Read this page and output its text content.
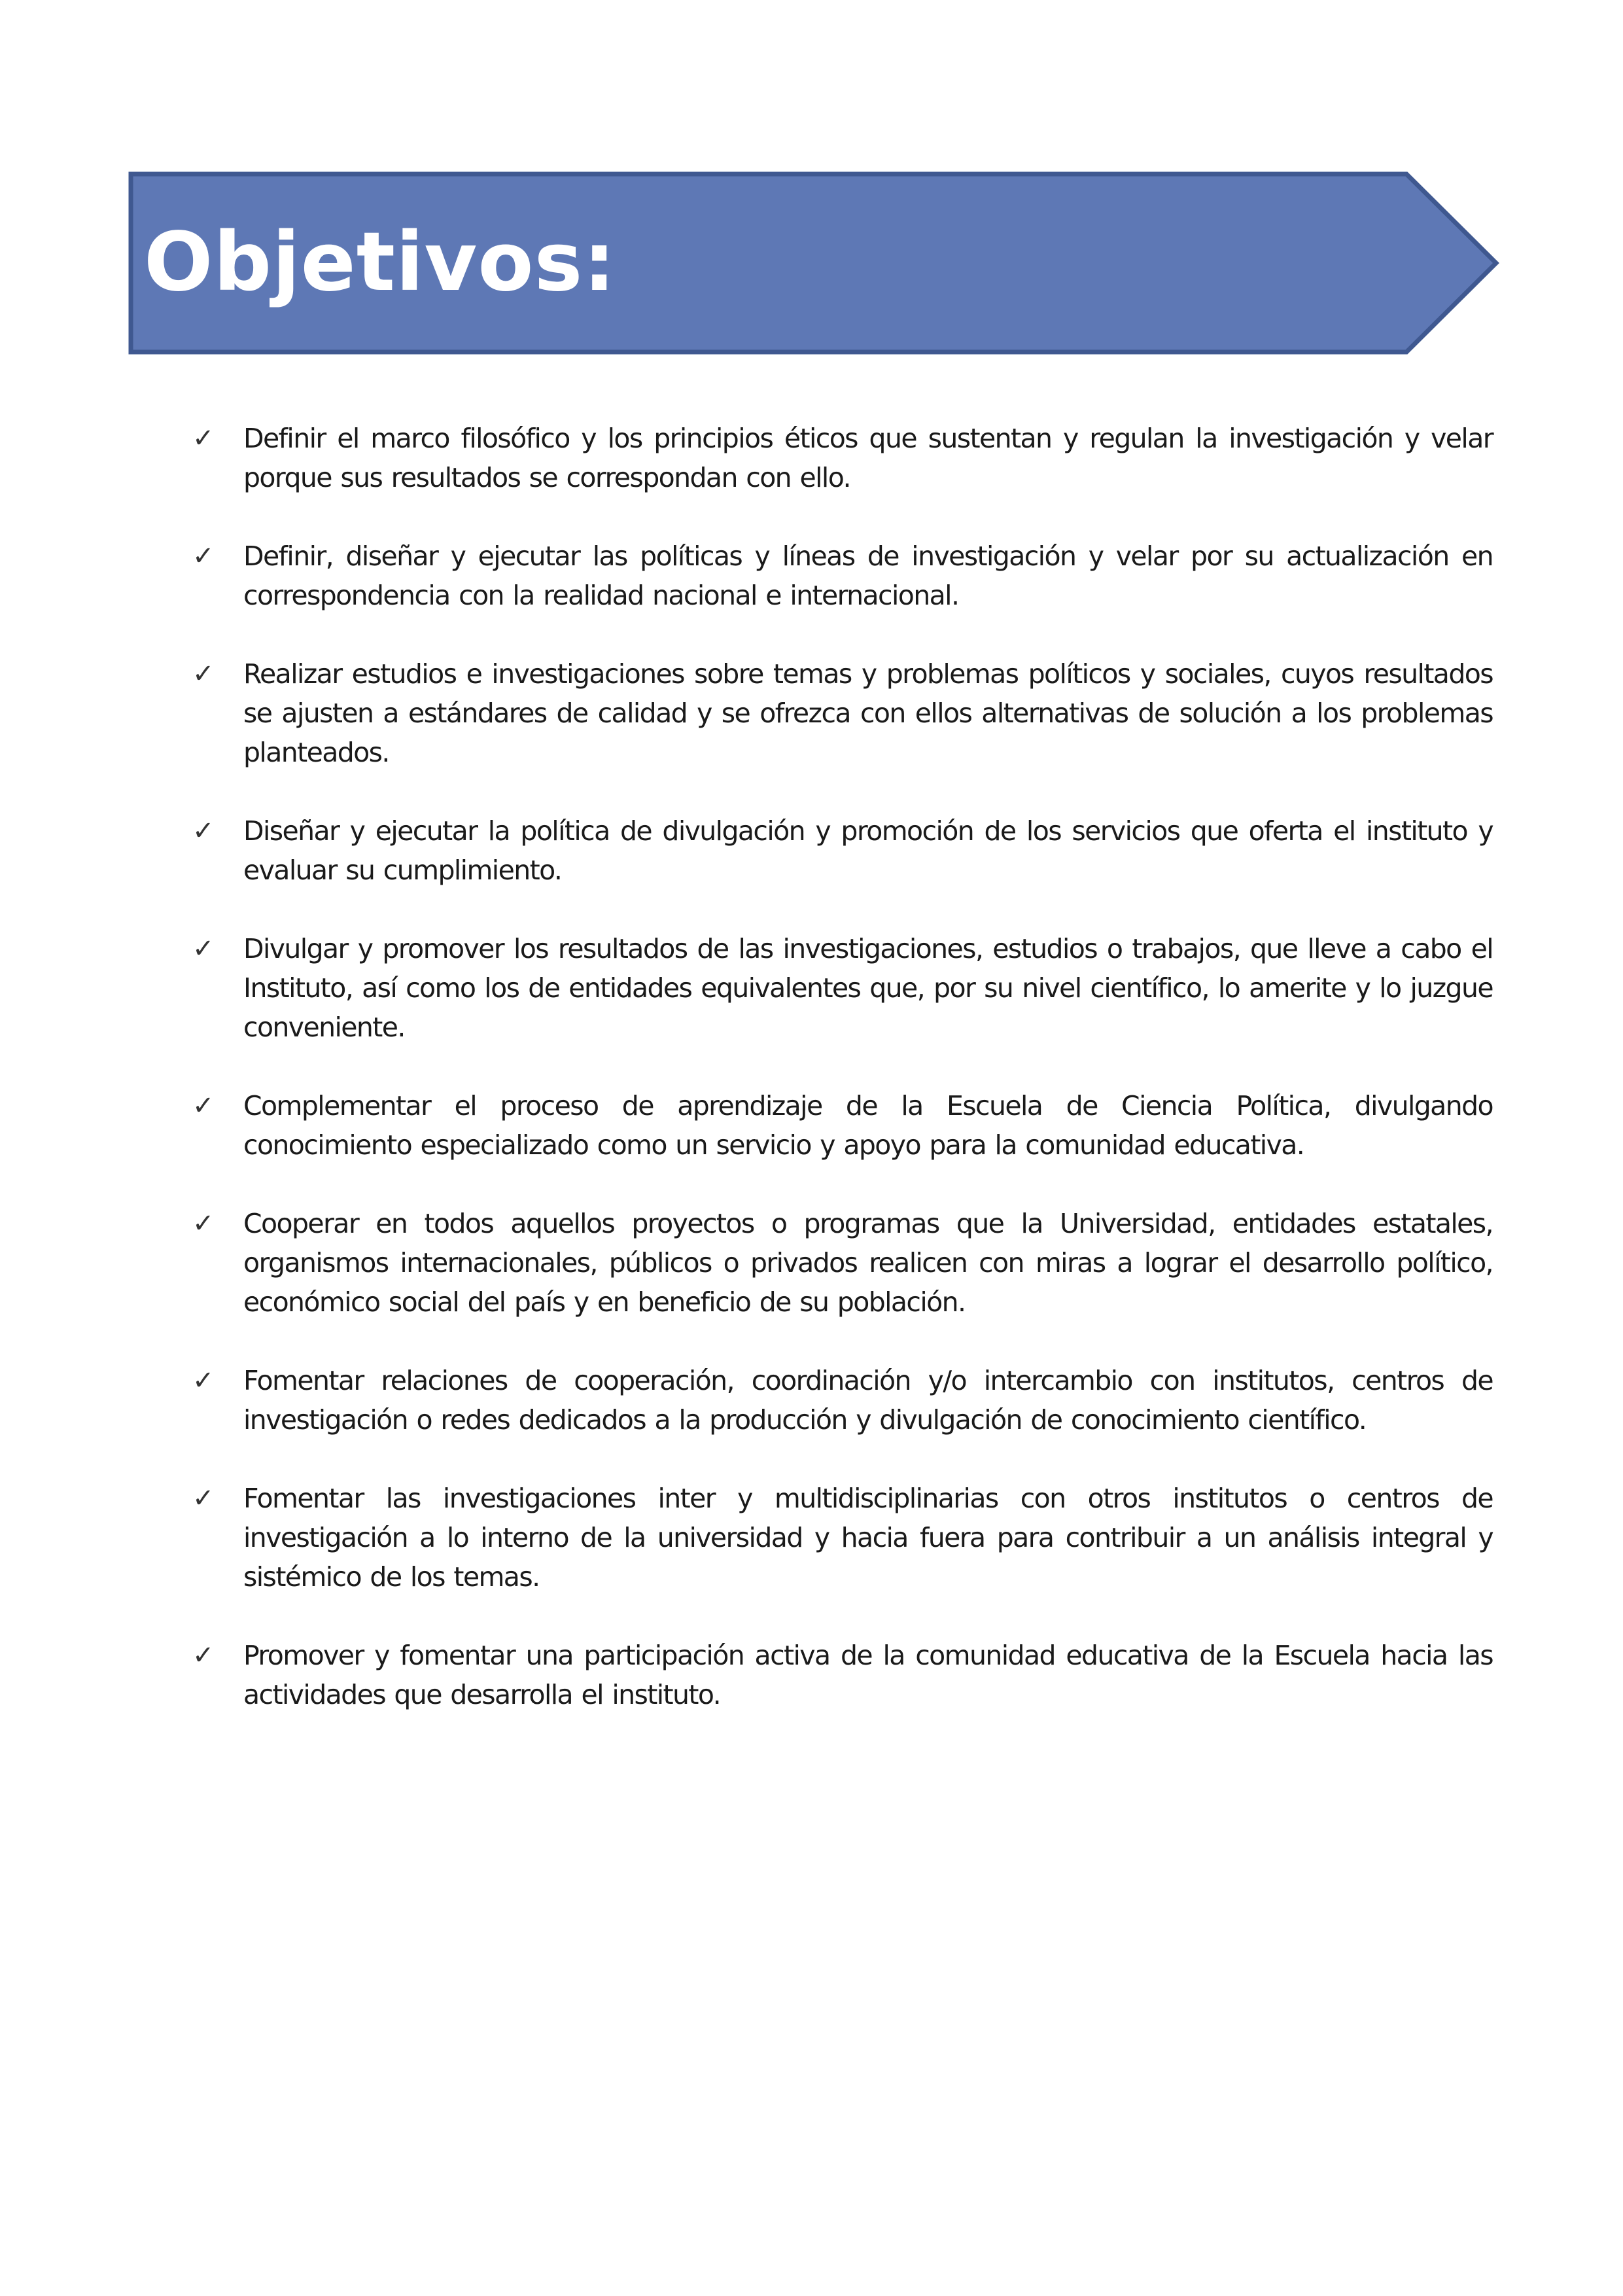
Objetivos:
✓ Definir el marco filosófico y los principios éticos que sustentan y regulan la investigación y velar porque sus resultados se correspondan con ello.
✓ Definir, diseñar y ejecutar las políticas y líneas de investigación y velar por su actualización en correspondencia con la realidad nacional e internacional.
✓ Realizar estudios e investigaciones sobre temas y problemas políticos y sociales, cuyos resultados se ajusten a estándares de calidad y se ofrezca con ellos alternativas de solución a los problemas planteados.
✓ Diseñar y ejecutar la política de divulgación y promoción de los servicios que oferta el instituto y evaluar su cumplimiento.
✓ Divulgar y promover los resultados de las investigaciones, estudios o trabajos, que lleve a cabo el Instituto, así como los de entidades equivalentes que, por su nivel científico, lo amerite y lo juzgue conveniente.
✓ Complementar el proceso de aprendizaje de la Escuela de Ciencia Política, divulgando conocimiento especializado como un servicio y apoyo para la comunidad educativa.
✓ Cooperar en todos aquellos proyectos o programas que la Universidad, entidades estatales, organismos internacionales, públicos o privados realicen con miras a lograr el desarrollo político, económico social del país y en beneficio de su población.
✓ Fomentar relaciones de cooperación, coordinación y/o intercambio con institutos, centros de investigación o redes dedicados a la producción y divulgación de conocimiento científico.
✓ Fomentar las investigaciones inter y multidisciplinarias con otros institutos o centros de investigación a lo interno de la universidad y hacia fuera para contribuir a un análisis integral y sistémico de los temas.
✓ Promover y fomentar una participación activa de la comunidad educativa de la Escuela hacia las actividades que desarrolla el instituto.
